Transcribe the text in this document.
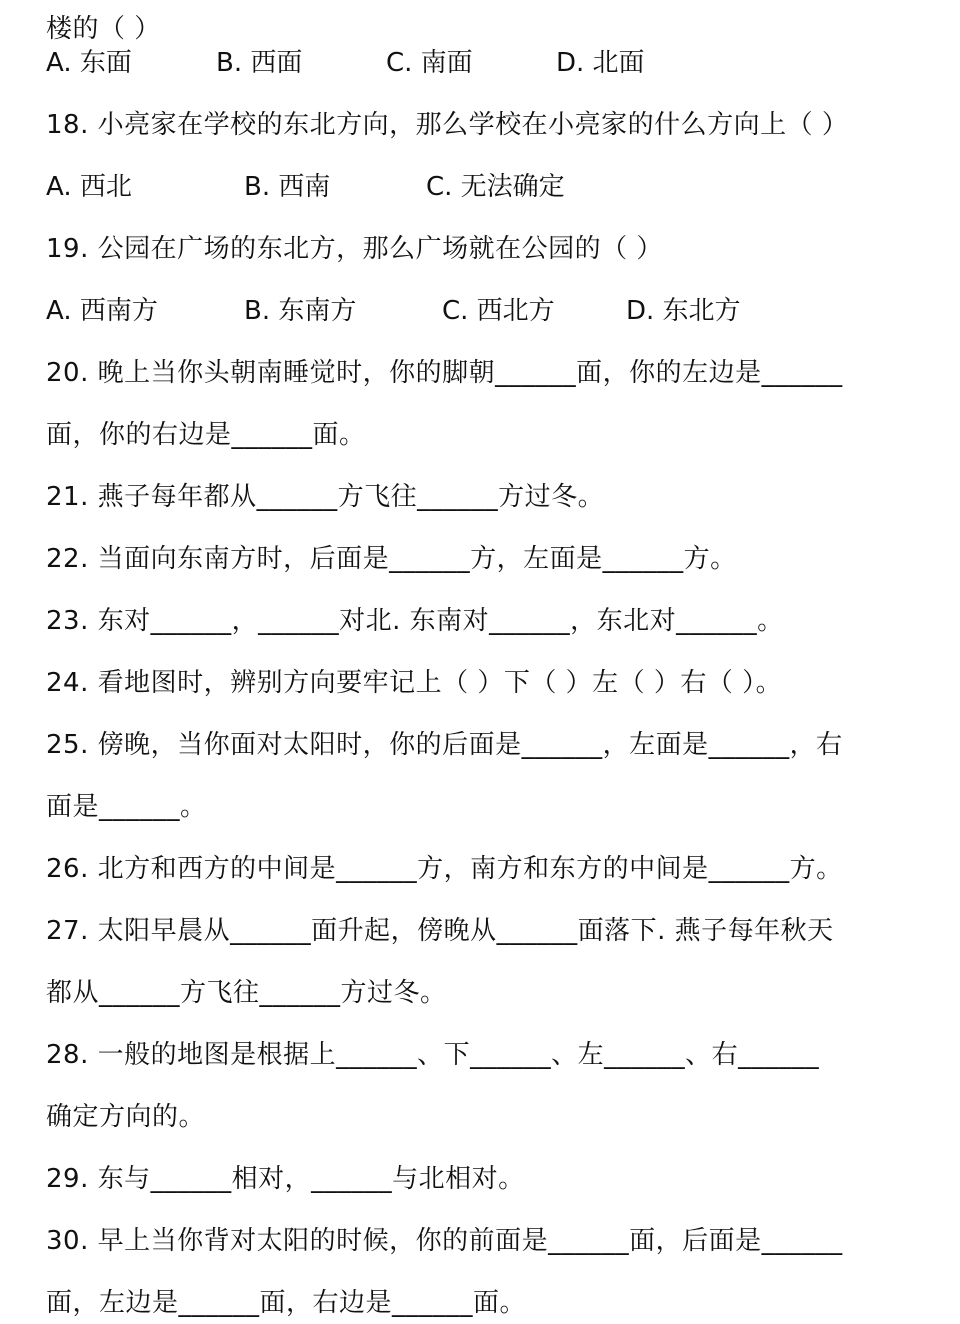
楼的（ ）
A. 东面	B. 西面	C. 南面	D. 北面
18. 小亮家在学校的东北方向，那么学校在小亮家的什么方向上（ ）
A. 西北	B. 西南	C. 无法确定
19. 公园在广场的东北方，那么广场就在公园的（ ）
A. 西南方	B. 东南方	C. 西北方	D. 东北方
20. 晚上当你头朝南睡觉时，你的脚朝______面，你的左边是______
面，你的右边是______面。
21. 燕子每年都从______方飞往______方过冬。
22. 当面向东南方时，后面是______方，左面是______方。
23. 东对______，______对北. 东南对______，东北对______。
24. 看地图时，辨别方向要牢记上（ ）下（ ）左（ ）右（ ）。
25. 傍晚，当你面对太阳时，你的后面是______，左面是______，右
面是______。
26. 北方和西方的中间是______方，南方和东方的中间是______方。
27. 太阳早晨从______面升起，傍晚从______面落下. 燕子每年秋天
都从______方飞往______方过冬。
28. 一般的地图是根据上______、下______、左______、右______
确定方向的。
29. 东与______相对，______与北相对。
30. 早上当你背对太阳的时候，你的前面是______面，后面是______
面，左边是______面，右边是______面。
